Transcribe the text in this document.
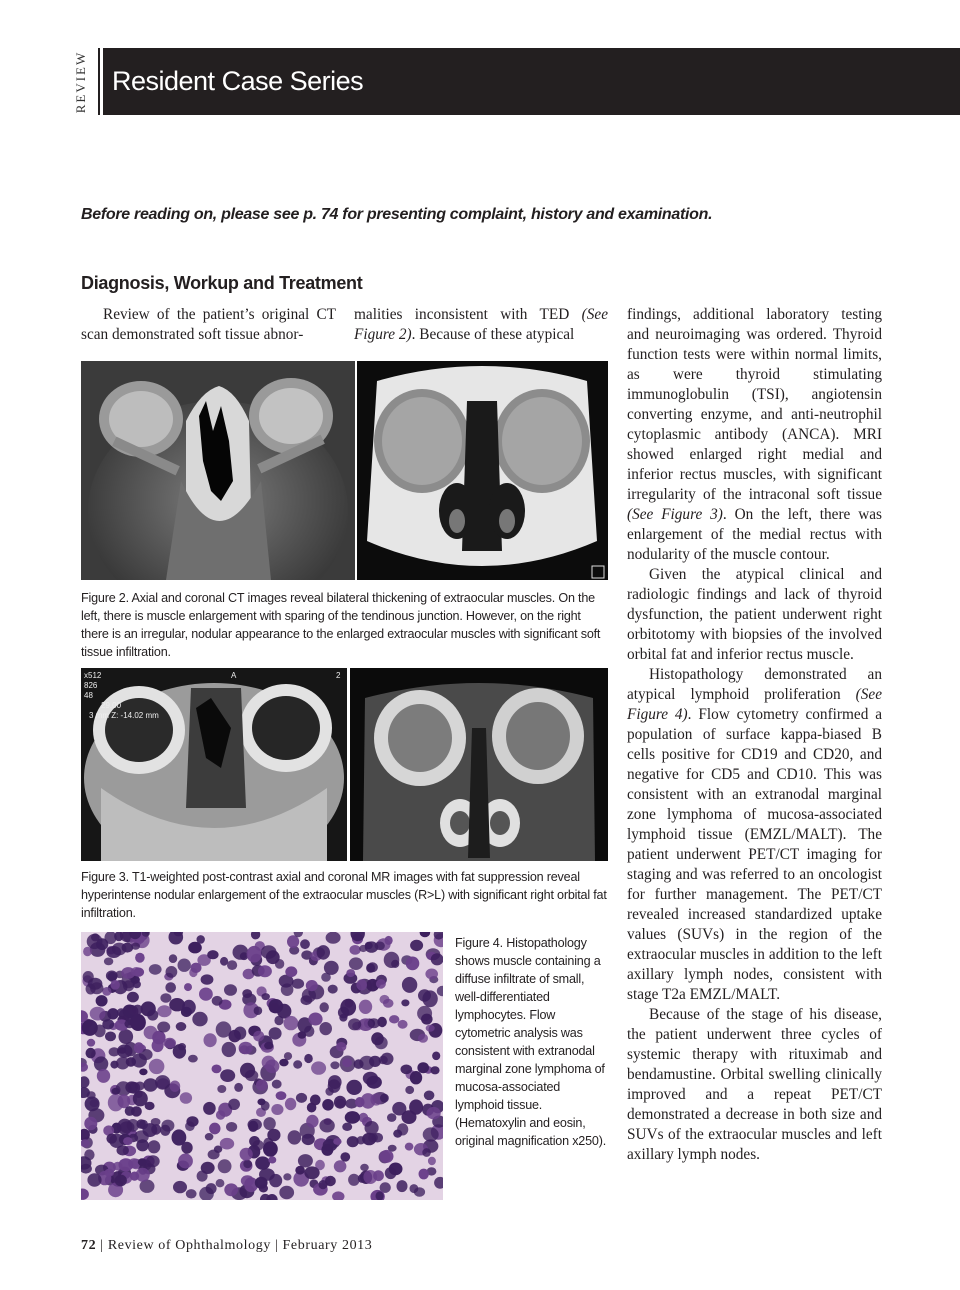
REVIEW Resident Case Series
Before reading on, please see p. 74 for presenting complaint, history and examination.
Diagnosis, Workup and Treatment

Review of the patient’s original CT scan demonstrated soft tissue abnor-

malities inconsistent with TED (See Figure 2). Because of these atypical

findings, additional laboratory testing and neuroimaging was ordered. Thyroid function tests were within normal limits, as were thyroid stimulating immunoglobulin (TSI), angiotensin converting enzyme, and anti-neutrophil cytoplasmic antibody (ANCA). MRI showed enlarged right medial and inferior rectus muscles, with significant irregularity of the intraconal soft tissue (See Figure 3). On the left, there was enlargement of the medial rectus with nodularity of the muscle contour.

Given the atypical clinical and radiologic findings and lack of thyroid dysfunction, the patient underwent right orbitotomy with biopsies of the involved orbital fat and inferior rectus muscle.

Histopathology demonstrated an atypical lymphoid proliferation (See Figure 4). Flow cytometry confirmed a population of surface kappa-biased B cells positive for CD19 and CD20, and negative for CD5 and CD10. This was consistent with an extranodal marginal zone lymphoma of mucosa-associated lymphoid tissue (EMZL/MALT). The patient underwent PET/CT imaging for staging and was referred to an oncologist for further management. The PET/CT revealed increased standardized uptake values (SUVs) in the region of the extraocular muscles in addition to the left axillary lymph nodes, consistent with stage T2a EMZL/MALT.

Because of the stage of his disease, the patient underwent three cycles of systemic therapy with rituximab and bendamustine. Orbital swelling clinically improved and a repeat PET/CT demonstrated a decrease in both size and SUVs of the extraocular muscles and left axillary lymph nodes.

Figure 2. Axial and coronal CT images reveal bilateral thickening of extraocular muscles. On the left, there is muscle enlargement with sparing of the tendinous junction. However, on the right there is an irregular, nodular appearance to the enlarged extraocular muscles with significant soft tissue infiltration.
x512
826
48
29.00
3 mm Z: -14.02 mm
A	2
Figure 3. T1-weighted post-contrast axial and coronal MR images with fat suppression reveal hyperintense nodular enlargement of the extraocular muscles (R>L) with significant right orbital fat infiltration.
Figure 4. Histopathology shows muscle containing a diffuse infiltrate of small, well-differentiated lymphocytes. Flow cytometric analysis was consistent with extranodal marginal zone lymphoma of mucosa-associated lymphoid tissue. (Hematoxylin and eosin, original magnification x250).
72 | Review of Ophthalmology | February 2013
